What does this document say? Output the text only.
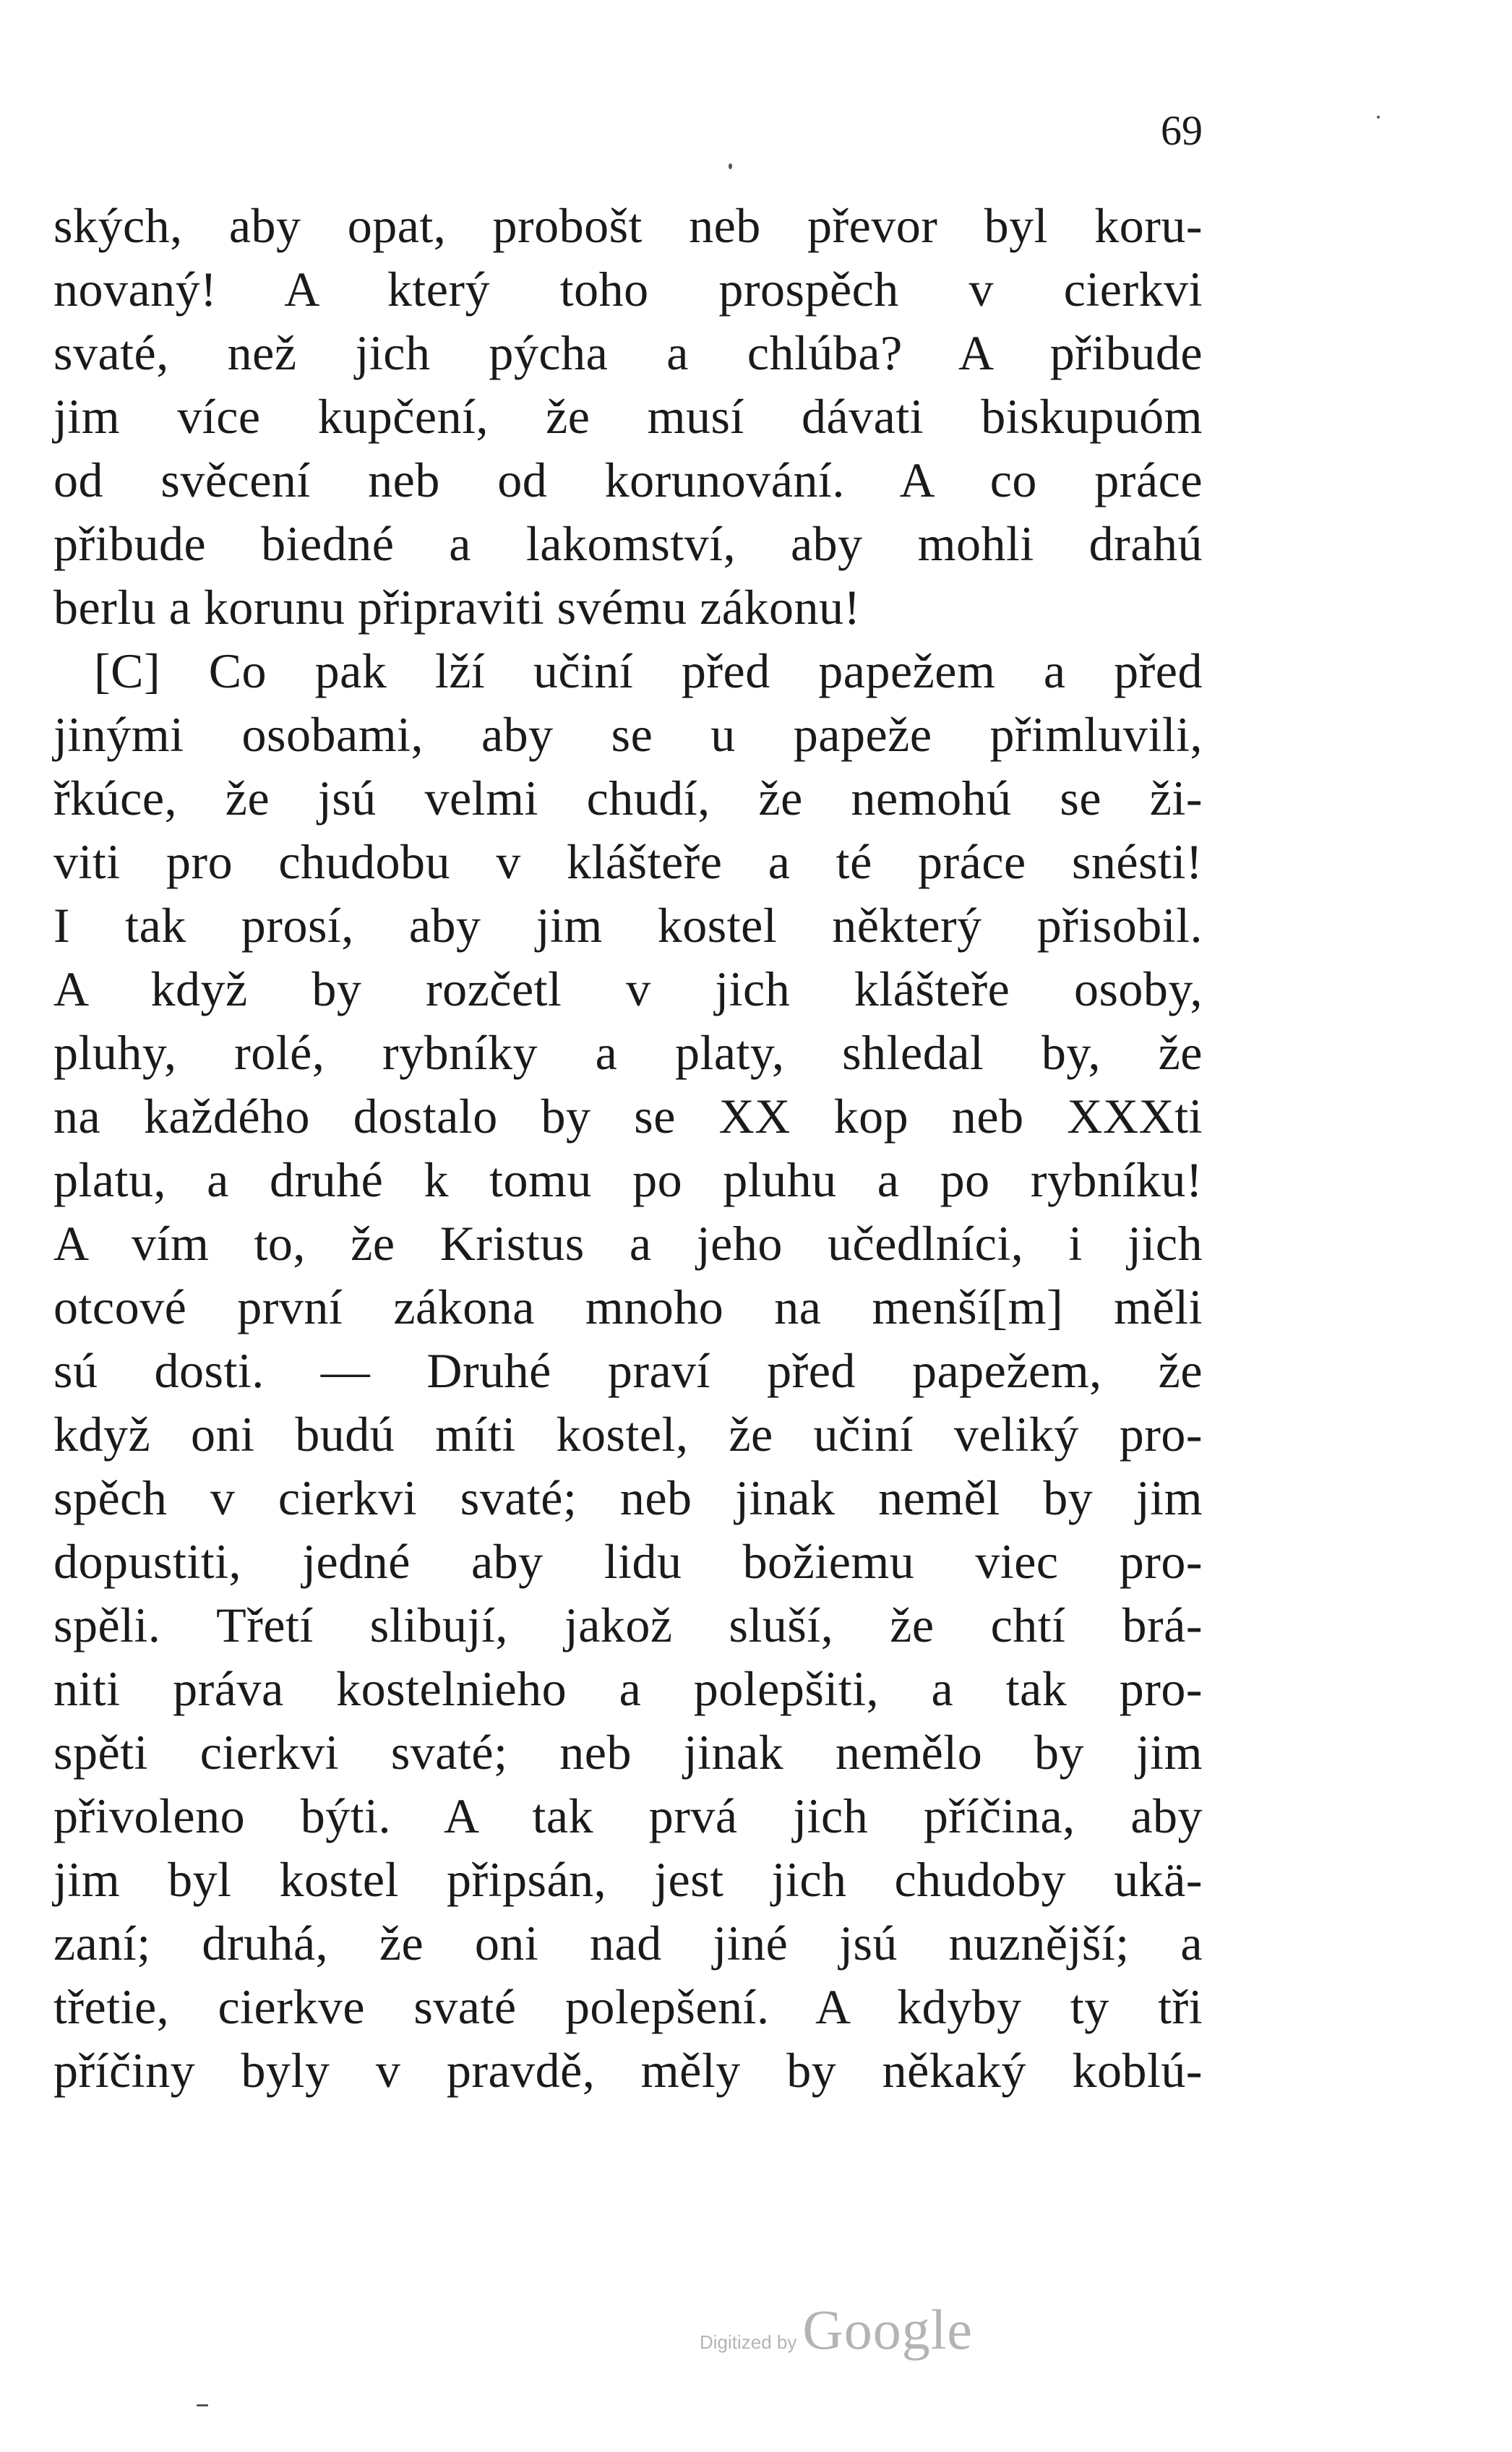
69
ských, aby opat, probošt neb převor byl koru-
novaný! A který toho prospěch v cierkvi
svaté, než jich pýcha a chlúba? A přibude
jim více kupčení, že musí dávati biskupuóm
od svěcení neb od korunování. A co práce
přibude biedné a lakomství, aby mohli drahú
berlu a korunu připraviti svému zákonu!
[C] Co pak lží učiní před papežem a před
jinými osobami, aby se u papeže přimluvili,
řkúce, že jsú velmi chudí, že nemohú se ži-
viti pro chudobu v klášteře a té práce snésti!
I tak prosí, aby jim kostel některý přisobil.
A když by rozčetl v jich klášteře osoby,
pluhy, rolé, rybníky a platy, shledal by, že
na každého dostalo by se XX kop neb XXXti
platu, a druhé k tomu po pluhu a po rybníku!
A vím to, že Kristus a jeho učedlníci, i jich
otcové první zákona mnoho na menší[m] měli
sú dosti. — Druhé praví před papežem, že
když oni budú míti kostel, že učiní veliký pro-
spěch v cierkvi svaté; neb jinak neměl by jim
dopustiti, jedné aby lidu božiemu viec pro-
spěli. Třetí slibují, jakož sluší, že chtí brá-
niti práva kostelnieho a polepšiti, a tak pro-
spěti cierkvi svaté; neb jinak nemělo by jim
přivoleno býti. A tak prvá jich příčina, aby
jim byl kostel připsán, jest jich chudoby ukä-
zaní; druhá, že oni nad jiné jsú nuznější; a
třetie, cierkve svaté polepšení. A kdyby ty tři
příčiny byly v pravdě, měly by někaký koblú-
Digitized by Google
